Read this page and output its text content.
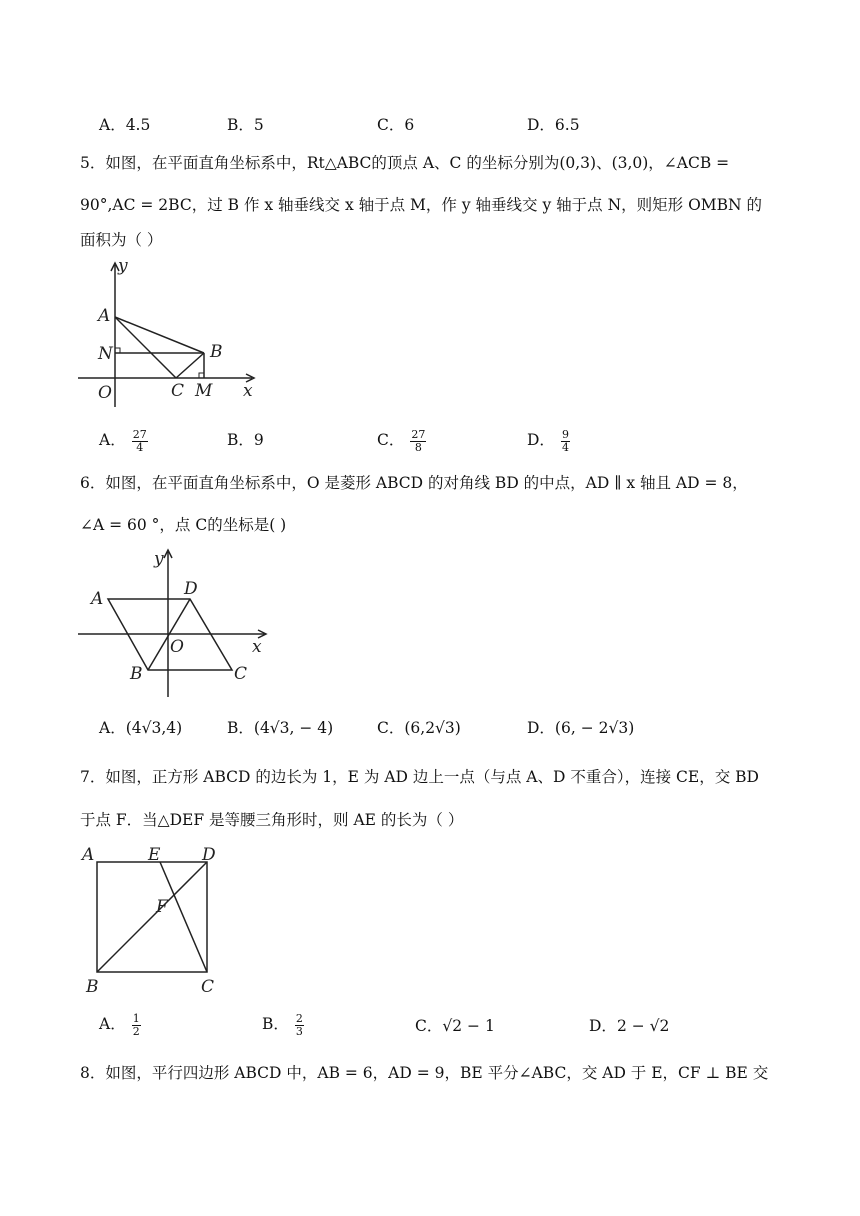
A．4.5	B．5	C．6	D．6.5
5．如图，在平面直角坐标系中，Rt△ABC的顶点 A、C 的坐标分别为(0,3)、(3,0)，∠ACB =
90°,AC = 2BC，过 B 作 x 轴垂线交 x 轴于点 M，作 y 轴垂线交 y 轴于点 N，则矩形 OMBN 的
面积为（ ）
y
A
N	B
O	C M x
A． $\frac{27}{4}$	B．9	C． $\frac{27}{8}$	D． $\frac{9}{4}$
6．如图，在平面直角坐标系中，O 是菱形 ABCD 的对角线 BD 的中点，AD ∥ x 轴且 AD = 8，
∠A = 60 °，点 C的坐标是( )
y
A	D
O	x
B	C
A．(4√3,4)	B．(4√3, − 4)	C．(6,2√3)	D．(6, − 2√3)
7．如图，正方形 ABCD 的边长为 1，E 为 AD 边上一点（与点 A、D 不重合），连接 CE，交 BD
于点 F．当△DEF 是等腰三角形时，则 AE 的长为（ ）
A	E D
F
B	C
A． $\frac{1}{2}$	B． $\frac{2}{3}$	C．√2 − 1	D．2 − √2
8．如图，平行四边形 ABCD 中，AB = 6，AD = 9，BE 平分∠ABC，交 AD 于 E，CF ⊥ BE 交
